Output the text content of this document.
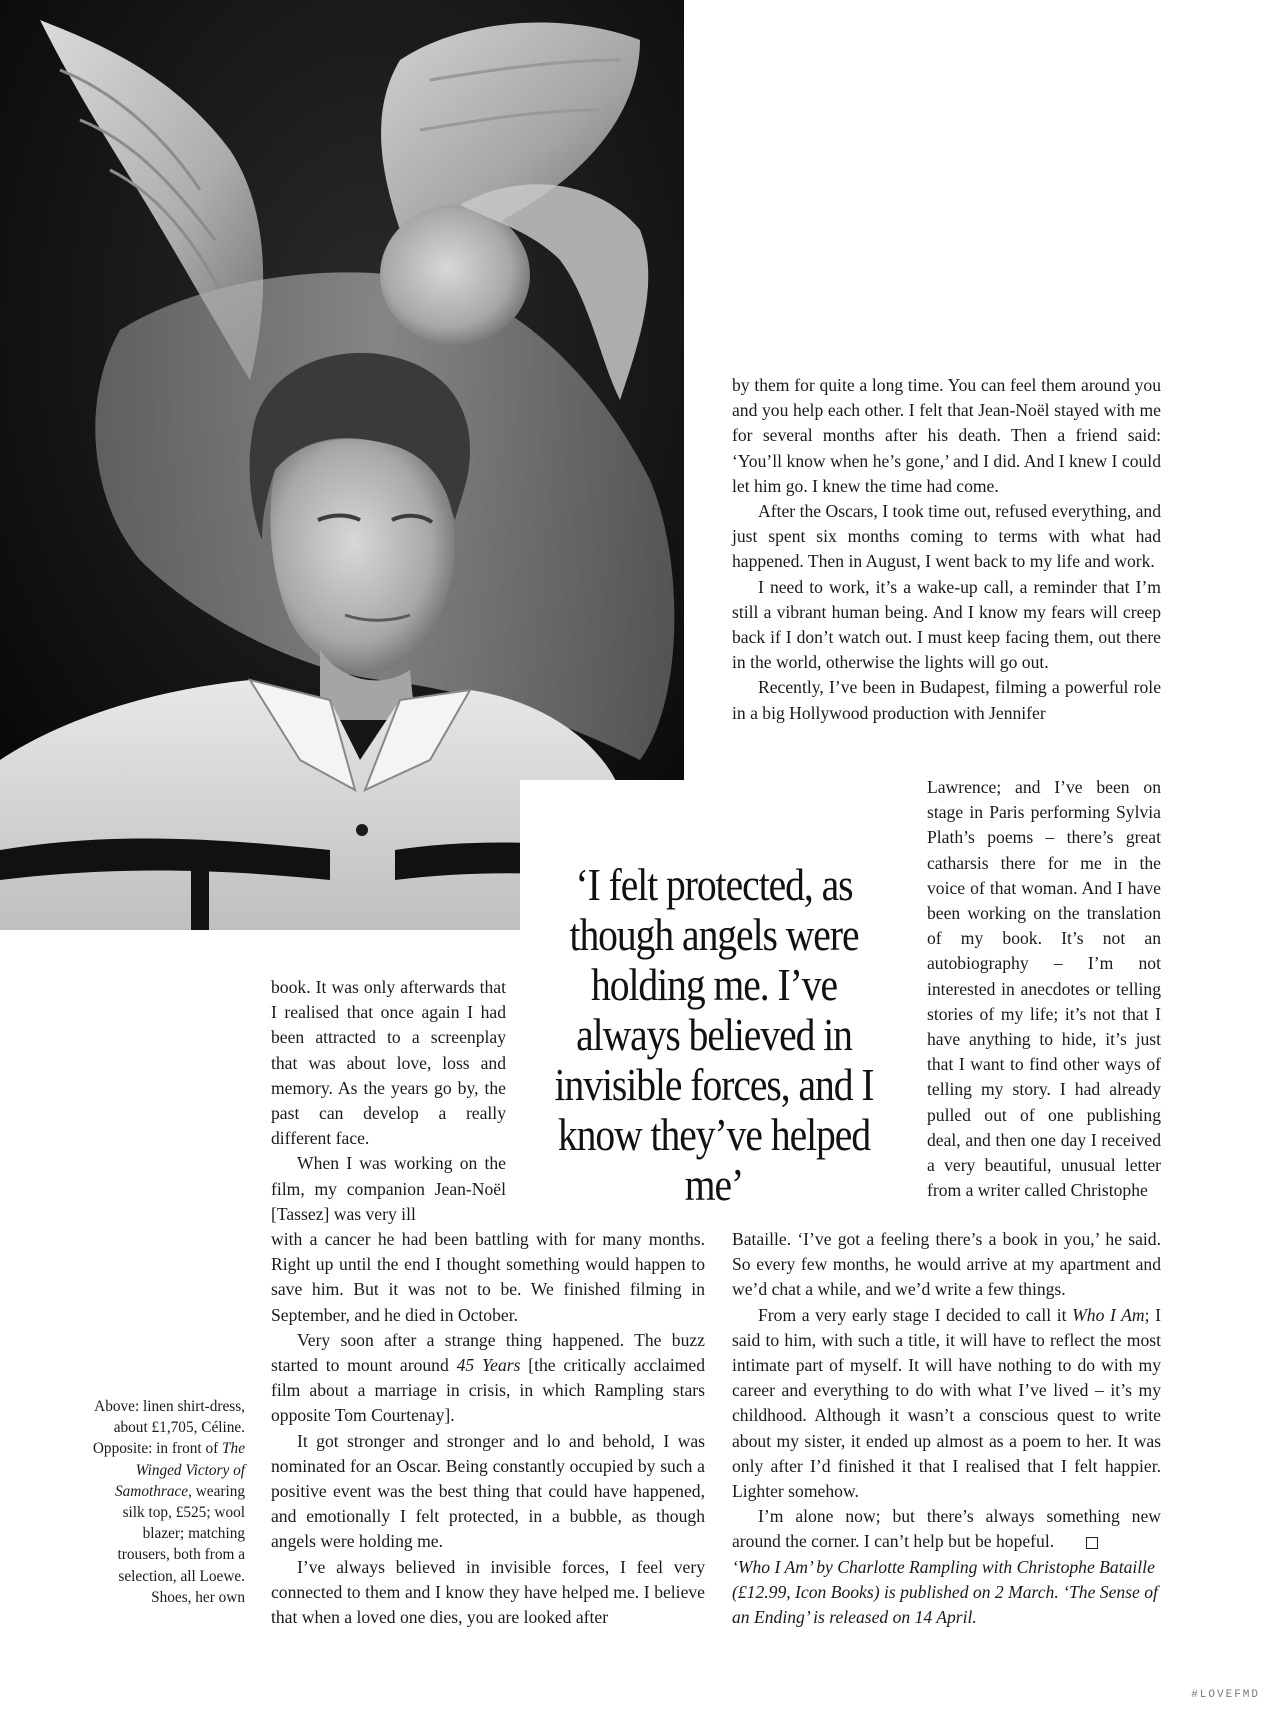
by them for quite a long time. You can feel them around you and you help each other. I felt that Jean-Noël stayed with me for several months after his death. Then a friend said: ‘You’ll know when he’s gone,’ and I did. And I knew I could let him go. I knew the time had come.

After the Oscars, I took time out, refused everything, and just spent six months coming to terms with what had happened. Then in August, I went back to my life and work.

I need to work, it’s a wake-up call, a reminder that I’m still a vibrant human being. And I know my fears will creep back if I don’t watch out. I must keep facing them, out there in the world, otherwise the lights will go out.

Recently, I’ve been in Budapest, filming a powerful role in a big Hollywood production with Jennifer

Lawrence; and I’ve been on stage in Paris performing Sylvia Plath’s poems – there’s great catharsis there for me in the voice of that woman. And I have been working on the translation of my book. It’s not an autobiography – I’m not interested in anecdotes or telling stories of my life; it’s not that I have anything to hide, it’s just that I want to find other ways of telling my story. I had already pulled out of one publishing deal, and then one day I received a very beautiful, unusual letter from a writer called Christophe

‘I felt protected, as though angels were holding me. I’ve always believed in invisible forces, and I know they’ve helped me’

book. It was only afterwards that I realised that once again I had been attracted to a screenplay that was about love, loss and memory. As the years go by, the past can develop a really different face.

When I was working on the film, my companion Jean-Noël [Tassez] was very ill

with a cancer he had been battling with for many months. Right up until the end I thought something would happen to save him. But it was not to be. We finished filming in September, and he died in October.

Very soon after a strange thing happened. The buzz started to mount around 45 Years [the critically acclaimed film about a marriage in crisis, in which Rampling stars opposite Tom Courtenay].

It got stronger and stronger and lo and behold, I was nominated for an Oscar. Being constantly occupied by such a positive event was the best thing that could have happened, and emotionally I felt protected, in a bubble, as though angels were holding me.

I’ve always believed in invisible forces, I feel very connected to them and I know they have helped me. I believe that when a loved one dies, you are looked after

Bataille. ‘I’ve got a feeling there’s a book in you,’ he said. So every few months, he would arrive at my apartment and we’d chat a while, and we’d write a few things.

From a very early stage I decided to call it Who I Am; I said to him, with such a title, it will have to reflect the most intimate part of myself. It will have nothing to do with my career and everything to do with what I’ve lived – it’s my childhood. Although it wasn’t a conscious quest to write about my sister, it ended up almost as a poem to her. It was only after I’d finished it that I realised that I felt happier. Lighter somehow.

I’m alone now; but there’s always something new around the corner. I can’t help but be hopeful.

‘Who I Am’ by Charlotte Rampling with Christophe Bataille (£12.99, Icon Books) is published on 2 March. ‘The Sense of an Ending’ is released on 14 April.

Above: linen shirt-dress, about £1,705, Céline. Opposite: in front of The Winged Victory of Samothrace, wearing silk top, £525; wool blazer; matching trousers, both from a selection, all Loewe. Shoes, her own
#LOVEFMD
